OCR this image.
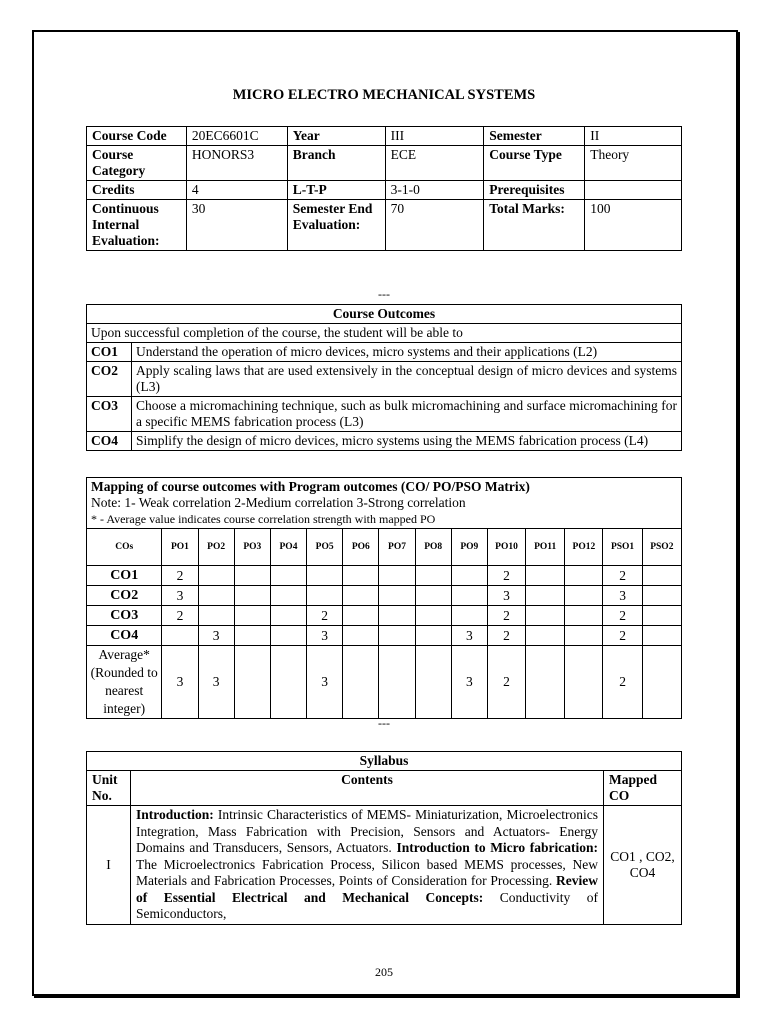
MICRO ELECTRO MECHANICAL SYSTEMS
Course Code	20EC6601C	Year	III	Semester	II
Course Category	HONORS3	Branch	ECE	Course Type	Theory
Credits	4	L-T-P	3-1-0	Prerequisites	
Continuous Internal Evaluation:	30	Semester End Evaluation:	70	Total Marks:	100
---
Course Outcomes	
Upon successful completion of the course, the student will be able to	
CO1	Understand the operation of micro devices, micro systems and their applications (L2)
CO2	Apply scaling laws that are used extensively in the conceptual design of micro devices and systems (L3)
CO3	Choose a micromachining technique, such as bulk micromachining and surface micromachining for a specific MEMS fabrication process (L3)
CO4	Simplify the design of micro devices, micro systems using the MEMS fabrication process (L4)
Mapping of course outcomes with Program outcomes (CO/ PO/PSO Matrix)
Note: 1- Weak correlation 2-Medium correlation 3-Strong correlation
* - Average value indicates course correlation strength with mapped PO														

COs	PO1	PO2	PO3	PO4	PO5	PO6	PO7	PO8	PO9	PO10	PO11	PO12	PSO1	PSO2
CO1	2									2			2	
CO2	3									3			3	
CO3	2				2					2			2	
CO4		3			3				3	2			2	
Average* (Rounded to nearest integer)	3	3			3				3	2			2	
---
Syllabus		
Unit No.	Contents	Mapped CO
I	Introduction: Intrinsic Characteristics of MEMS- Miniaturization, Microelectronics Integration, Mass Fabrication with Precision, Sensors and Actuators- Energy Domains and Transducers, Sensors, Actuators. Introduction to Micro fabrication: The Microelectronics Fabrication Process, Silicon based MEMS processes, New Materials and Fabrication Processes, Points of Consideration for Processing. Review of Essential Electrical and Mechanical Concepts: Conductivity of Semiconductors,	CO1 , CO2, CO4
205
